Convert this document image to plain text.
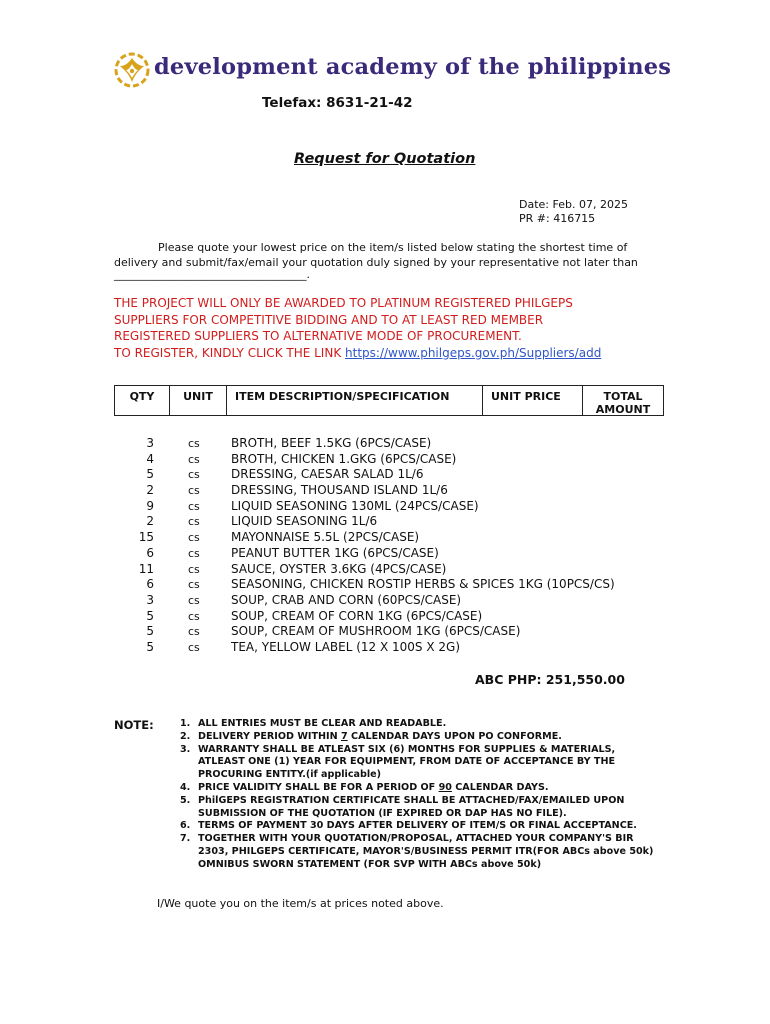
development academy of the philippines
Telefax: 8631-21-42
Request for Quotation
Date: Feb. 07, 2025
PR #: 416715
Please quote your lowest price on the item/s listed below stating the shortest time of delivery and submit/fax/email your quotation duly signed by your representative not later than
___________________________________.
THE PROJECT WILL ONLY BE AWARDED TO PLATINUM REGISTERED PHILGEPS
SUPPLIERS FOR COMPETITIVE BIDDING AND TO AT LEAST RED MEMBER
REGISTERED SUPPLIERS TO ALTERNATIVE MODE OF PROCUREMENT.
TO REGISTER, KINDLY CLICK THE LINK https://www.philgeps.gov.ph/Suppliers/add
QTY	UNIT	ITEM DESCRIPTION/SPECIFICATION	UNIT PRICE	TOTAL
AMOUNT
3	cs	BROTH, BEEF 1.5KG (6PCS/CASE)
4	cs	BROTH, CHICKEN 1.GKG (6PCS/CASE)
5	cs	DRESSING, CAESAR SALAD 1L/6
2	cs	DRESSING, THOUSAND ISLAND 1L/6
9	cs	LIQUID SEASONING 130ML (24PCS/CASE)
2	cs	LIQUID SEASONING 1L/6
15	cs	MAYONNAISE 5.5L (2PCS/CASE)
6	cs	PEANUT BUTTER 1KG (6PCS/CASE)
11	cs	SAUCE, OYSTER 3.6KG (4PCS/CASE)
6	cs	SEASONING, CHICKEN ROSTIP HERBS & SPICES 1KG (10PCS/CS)
3	cs	SOUP, CRAB AND CORN (60PCS/CASE)
5	cs	SOUP, CREAM OF CORN 1KG (6PCS/CASE)
5	cs	SOUP, CREAM OF MUSHROOM 1KG (6PCS/CASE)
5	cs	TEA, YELLOW LABEL (12 X 100S X 2G)
ABC PHP: 251,550.00
NOTE:	1. ALL ENTRIES MUST BE CLEAR AND READABLE.
2. DELIVERY PERIOD WITHIN 7 CALENDAR DAYS UPON PO CONFORME.
3. WARRANTY SHALL BE ATLEAST SIX (6) MONTHS FOR SUPPLIES & MATERIALS, ATLEAST ONE (1) YEAR FOR EQUIPMENT, FROM DATE OF ACCEPTANCE BY THE PROCURING ENTITY.(if applicable)
4. PRICE VALIDITY SHALL BE FOR A PERIOD OF 90 CALENDAR DAYS.
5. PhilGEPS REGISTRATION CERTIFICATE SHALL BE ATTACHED/FAX/EMAILED UPON SUBMISSION OF THE QUOTATION (IF EXPIRED OR DAP HAS NO FILE).
6. TERMS OF PAYMENT 30 DAYS AFTER DELIVERY OF ITEM/S OR FINAL ACCEPTANCE.
7. TOGETHER WITH YOUR QUOTATION/PROPOSAL, ATTACHED YOUR COMPANY'S BIR 2303, PHILGEPS CERTIFICATE, MAYOR'S/BUSINESS PERMIT ITR(FOR ABCs above 50k) OMNIBUS SWORN STATEMENT (FOR SVP WITH ABCs above 50k)
I/We quote you on the item/s at prices noted above.
